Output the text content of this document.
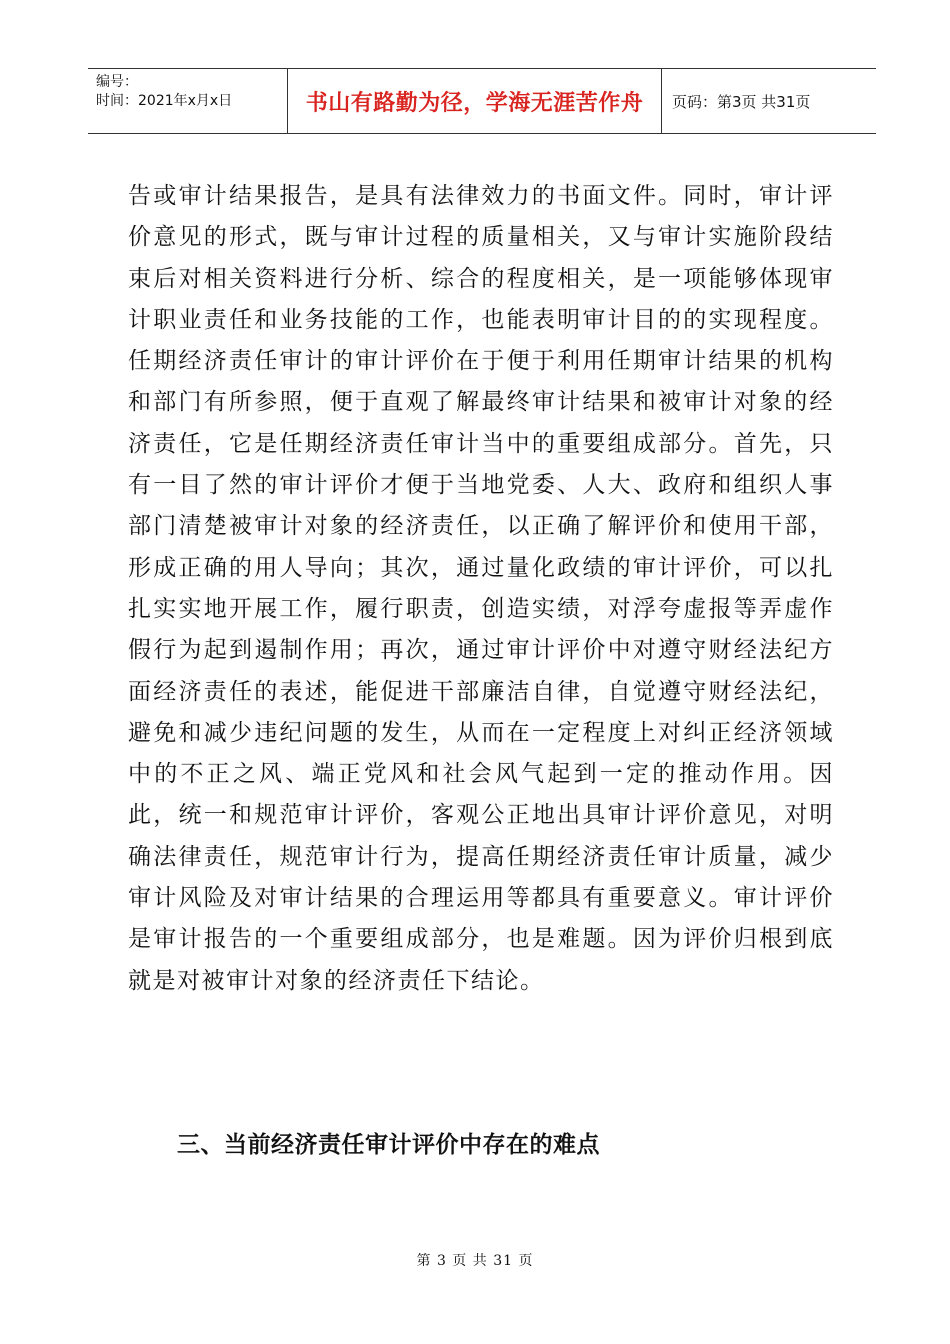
编号：
时间：2021年x月x日	书山有路勤为径，学海无涯苦作舟	页码：第3页 共31页

告或审计结果报告，是具有法律效力的书面文件。同时，审计评价意见的形式，既与审计过程的质量相关，又与审计实施阶段结束后对相关资料进行分析、综合的程度相关，是一项能够体现审计职业责任和业务技能的工作，也能表明审计目的的实现程度。任期经济责任审计的审计评价在于便于利用任期审计结果的机构和部门有所参照，便于直观了解最终审计结果和被审计对象的经济责任，它是任期经济责任审计当中的重要组成部分。首先，只有一目了然的审计评价才便于当地党委、人大、政府和组织人事部门清楚被审计对象的经济责任，以正确了解评价和使用干部，形成正确的用人导向；其次，通过量化政绩的审计评价，可以扎扎实实地开展工作，履行职责，创造实绩，对浮夸虚报等弄虚作假行为起到遏制作用；再次，通过审计评价中对遵守财经法纪方面经济责任的表述，能促进干部廉洁自律，自觉遵守财经法纪，避免和减少违纪问题的发生，从而在一定程度上对纠正经济领域中的不正之风、端正党风和社会风气起到一定的推动作用。因此，统一和规范审计评价，客观公正地出具审计评价意见，对明确法律责任，规范审计行为，提高任期经济责任审计质量，减少审计风险及对审计结果的合理运用等都具有重要意义。审计评价是审计报告的一个重要组成部分，也是难题。因为评价归根到底就是对被审计对象的经济责任下结论。

三、当前经济责任审计评价中存在的难点
第 3 页 共 31 页
